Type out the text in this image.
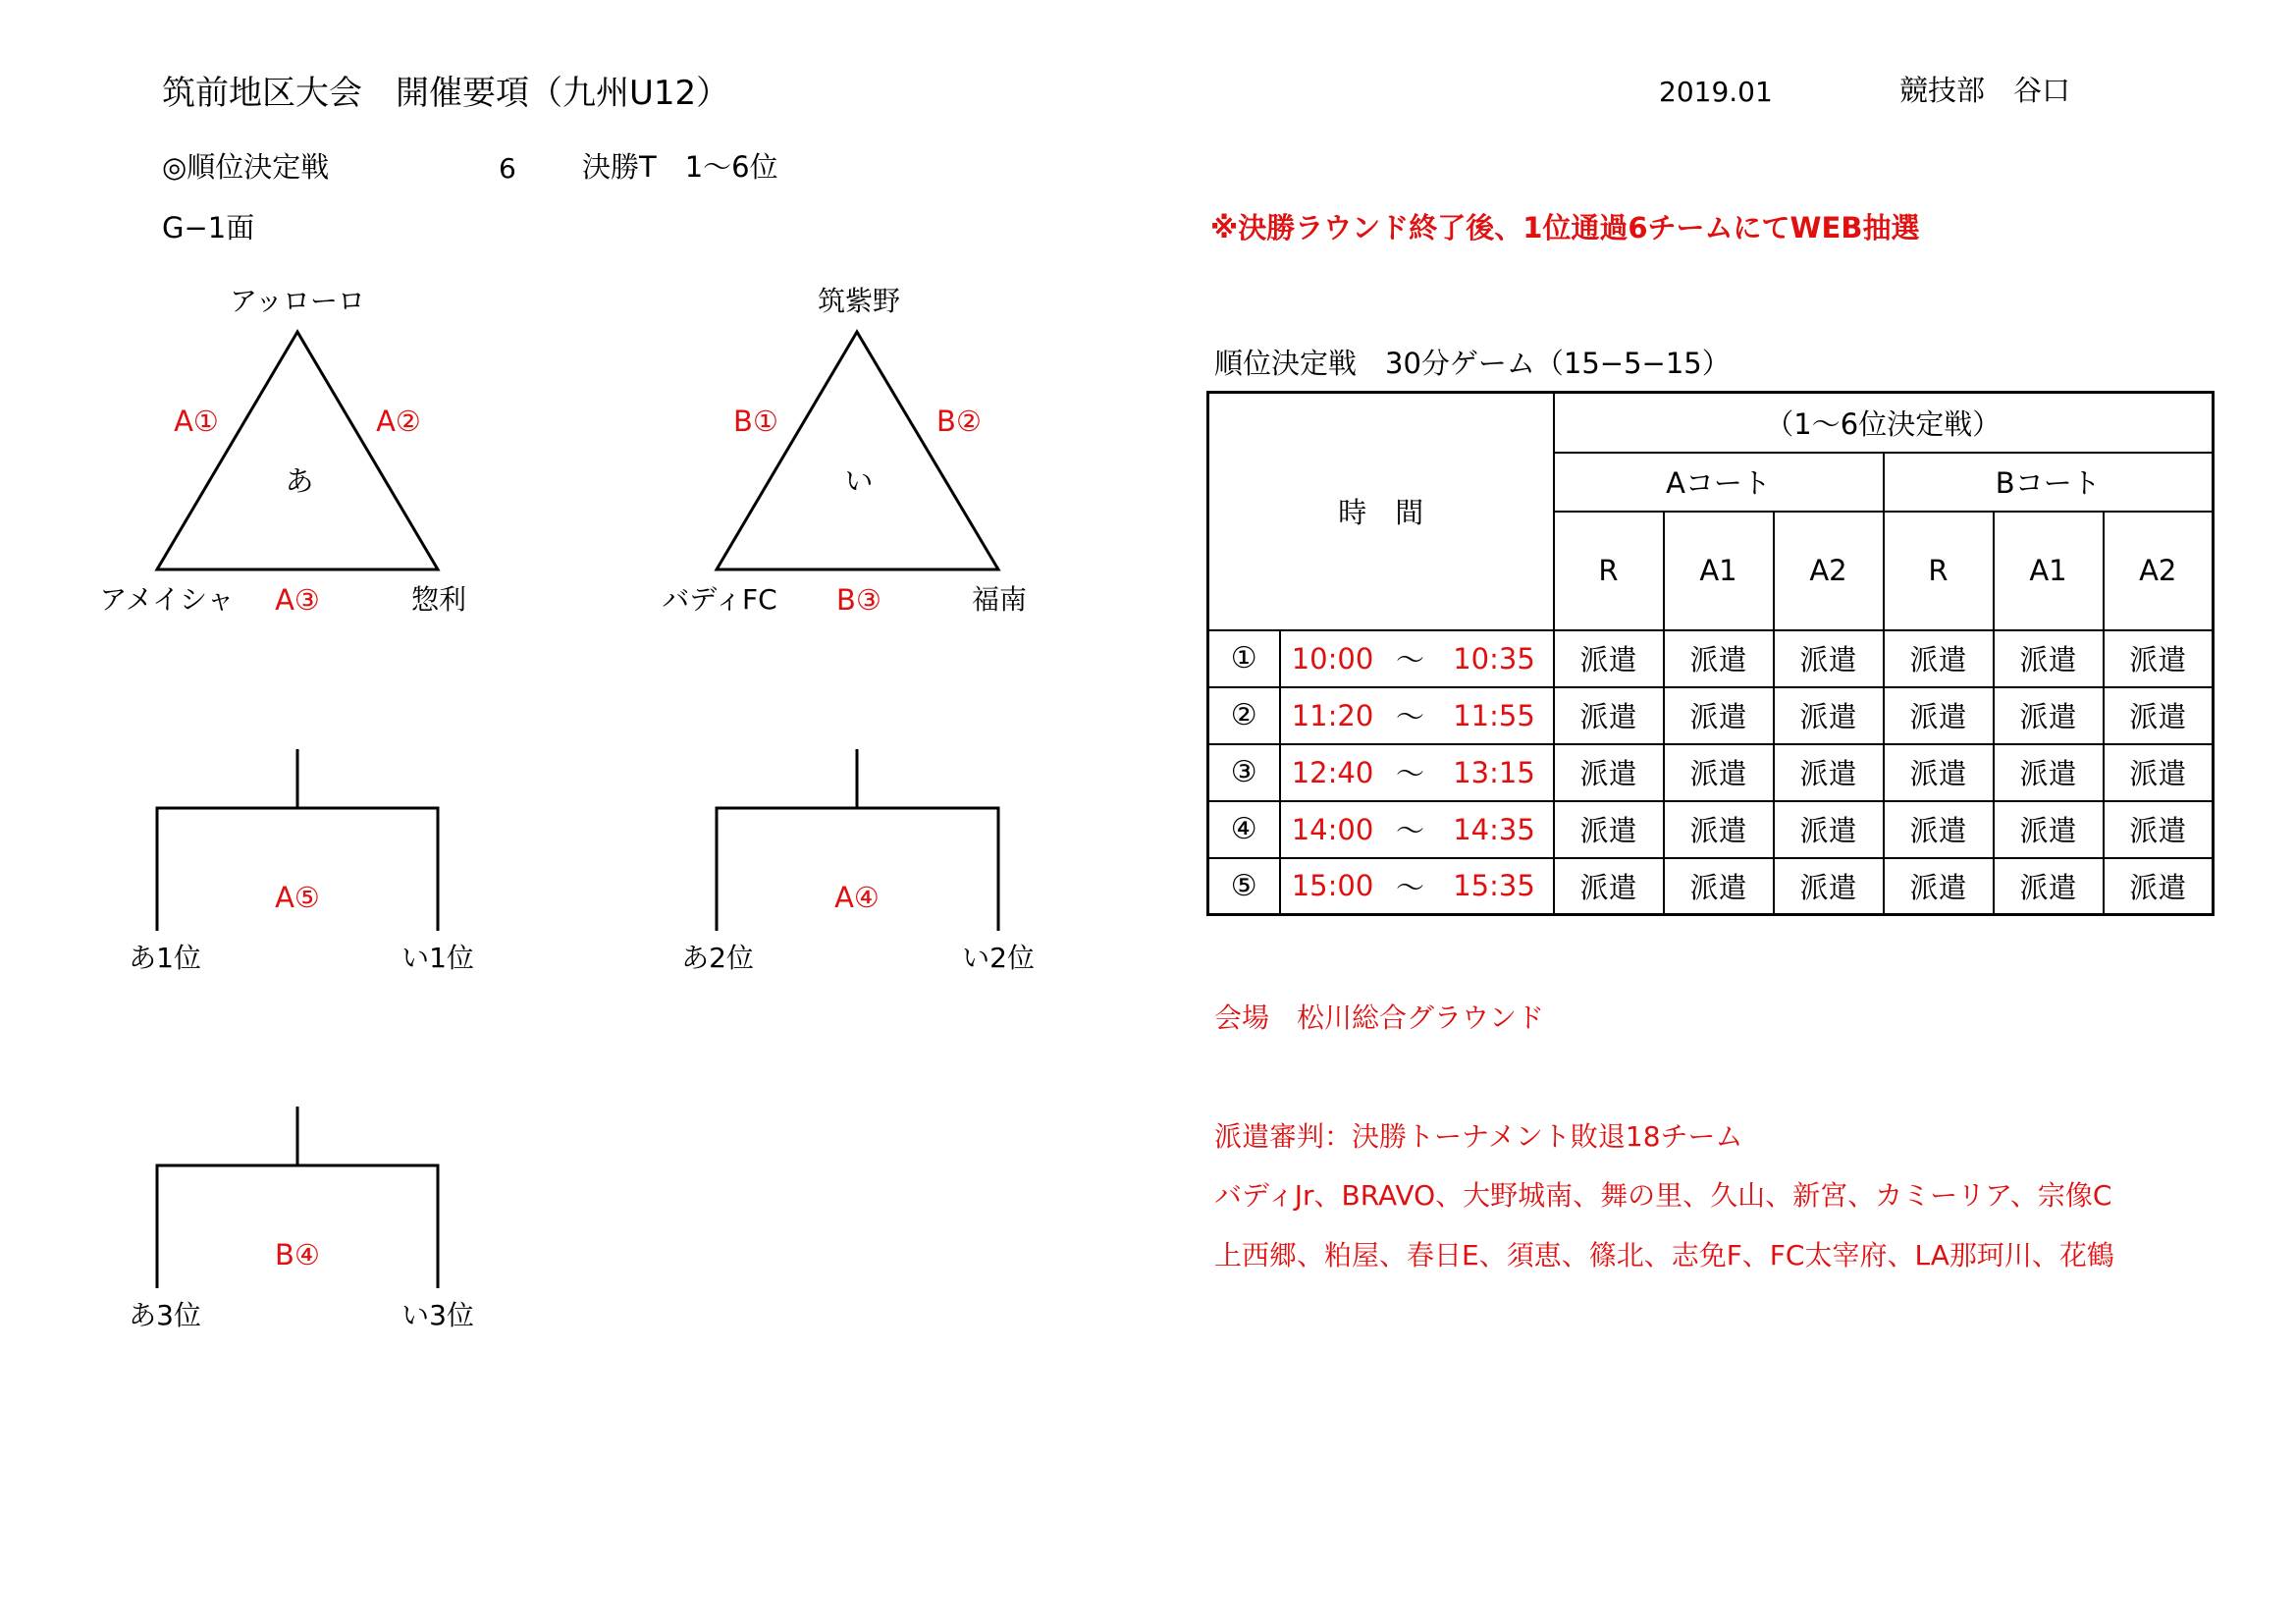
筑前地区大会　開催要項（九州U12）	2019.01	競技部　谷口
◎順位決定戦	6 決勝T　1〜6位
G−1面	※決勝ラウンド終了後、1位通過6チームにてWEB抽選
アッローロ
A①	A②
あ
アメイシャ A③	惣利
筑紫野
B①	B②
い
バディFC B③	福南
A⑤
あ1位	い1位
A④
あ2位	い2位
B④
あ3位	い3位
順位決定戦　30分ゲーム（15−5−15）
時　間				（1〜6位決定戦）					
				Aコート			Bコート		
				R	A1	A2	R	A1	A2
①	10:00	〜	10:35	派遣	派遣	派遣	派遣	派遣	派遣
②	11:20	〜	11:55	派遣	派遣	派遣	派遣	派遣	派遣
③	12:40	〜	13:15	派遣	派遣	派遣	派遣	派遣	派遣
④	14:00	〜	14:35	派遣	派遣	派遣	派遣	派遣	派遣
⑤	15:00	〜	15:35	派遣	派遣	派遣	派遣	派遣	派遣
会場　松川総合グラウンド
派遣審判：決勝トーナメント敗退18チーム
バディJr、BRAVO、大野城南、舞の里、久山、新宮、カミーリア、宗像C
上西郷、粕屋、春日E、須恵、篠北、志免F、FC太宰府、LA那珂川、花鶴
